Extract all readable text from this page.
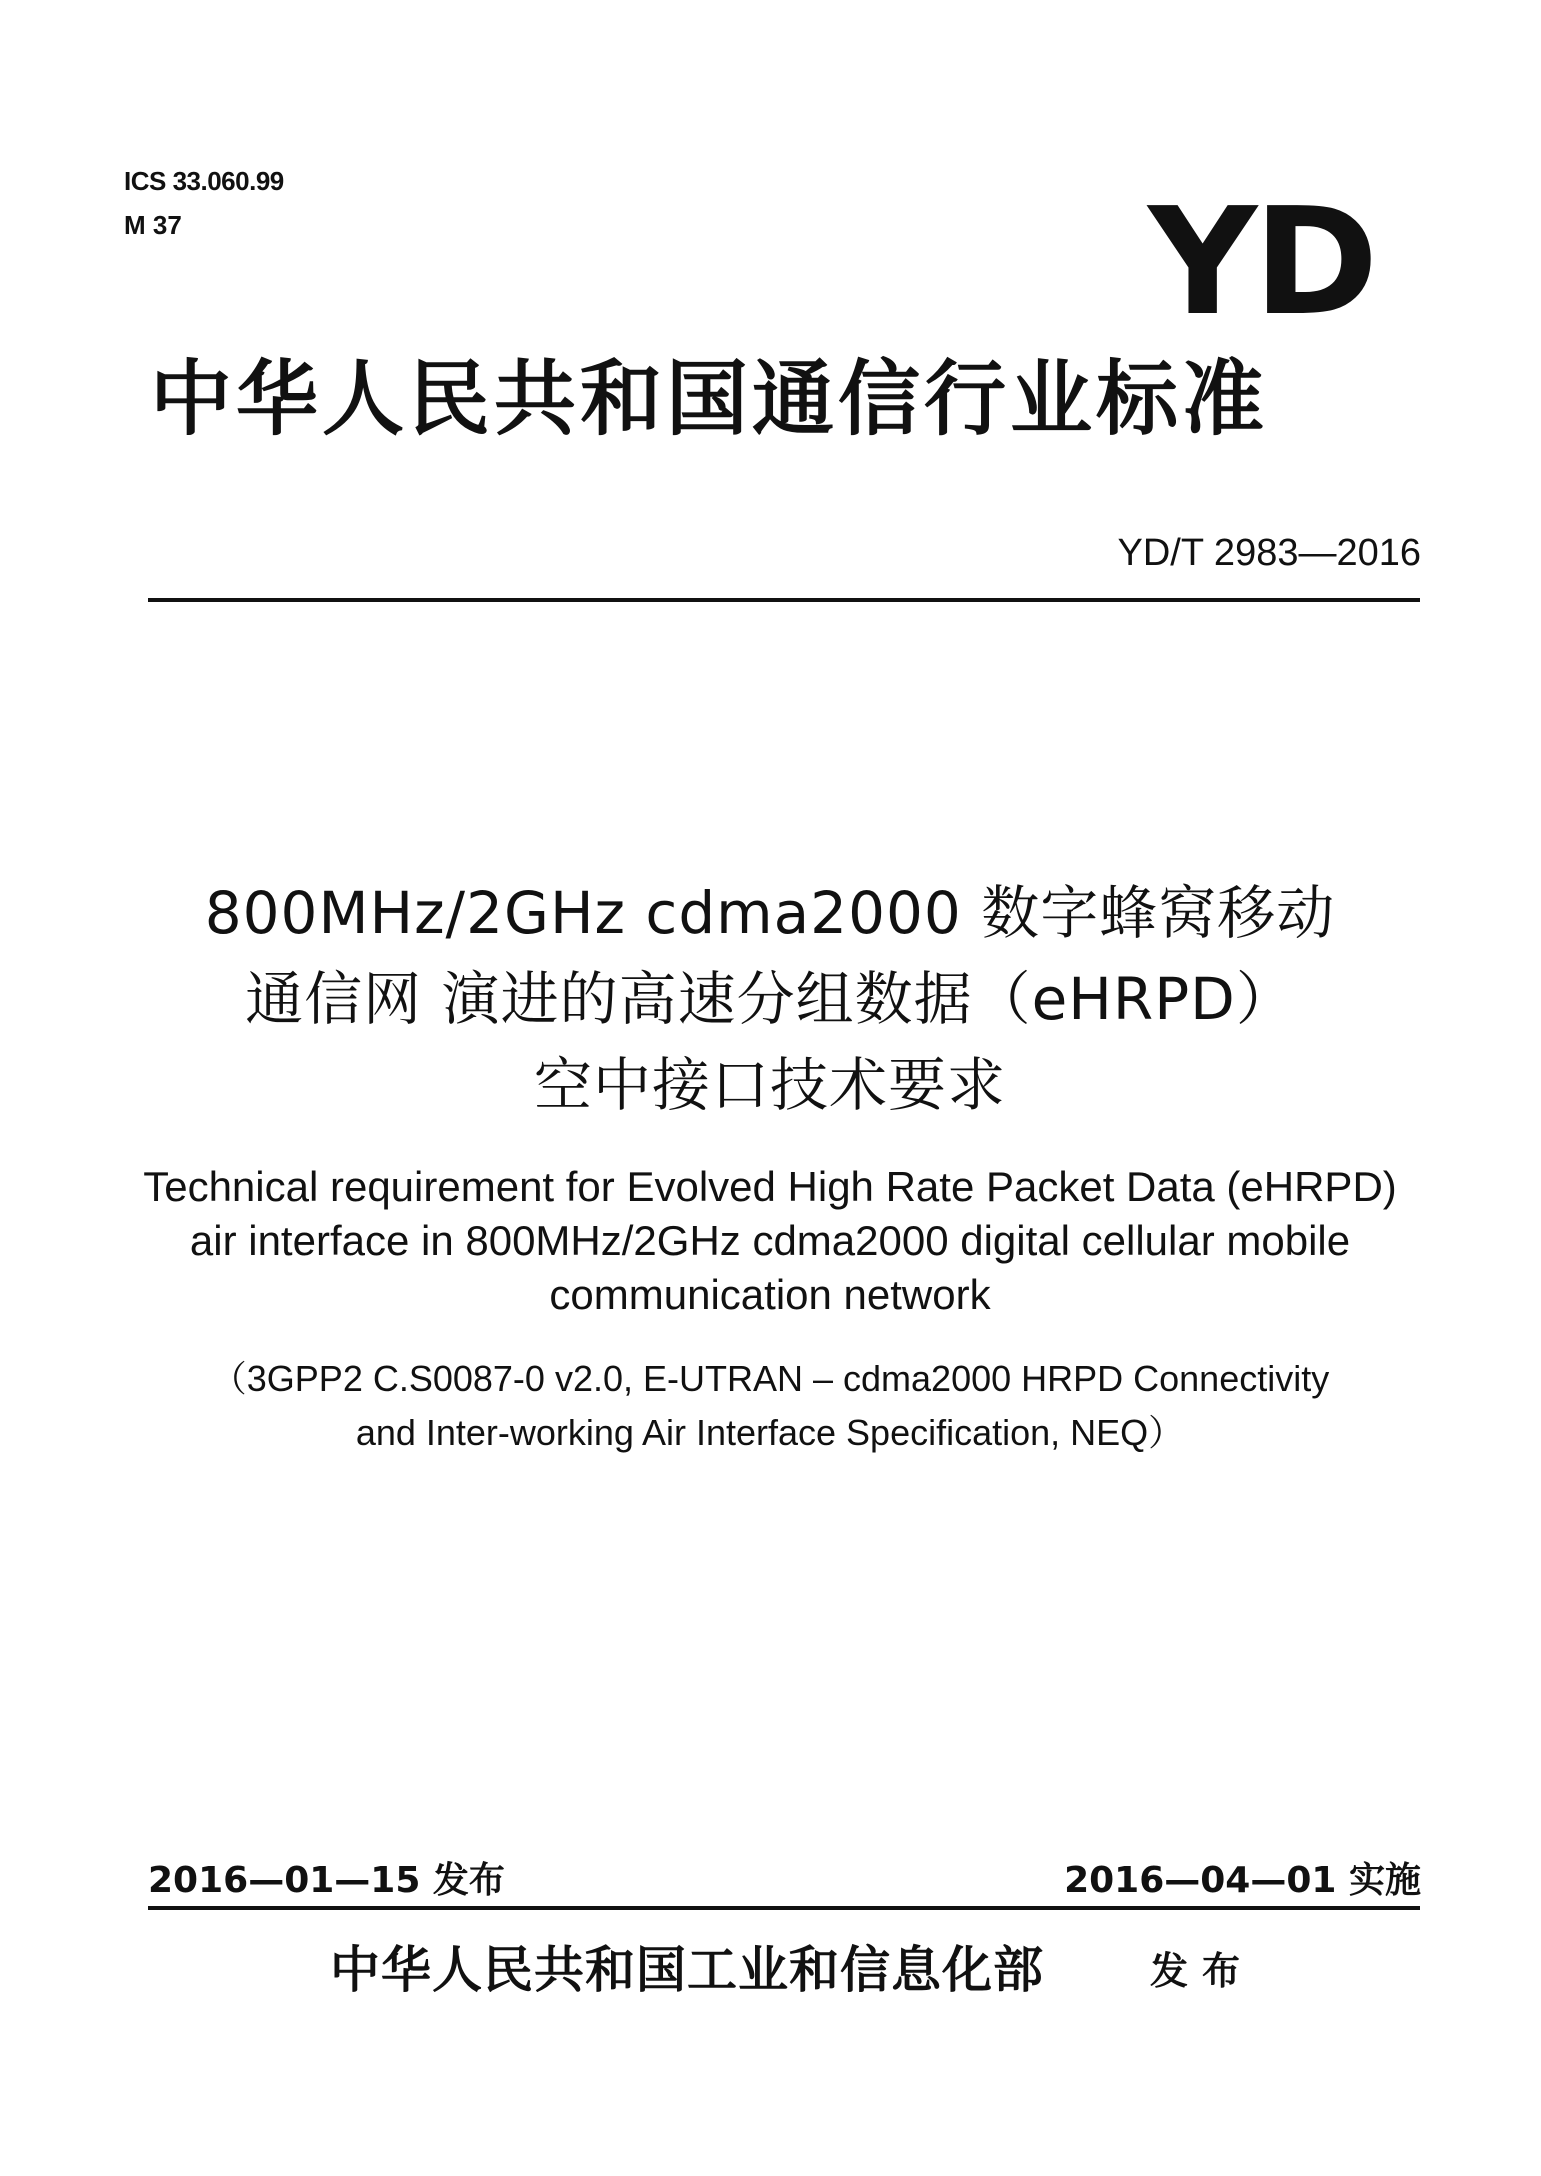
ICS 33.060.99
M 37	YD
中华人民共和国通信行业标准
YD/T 2983—2016
800MHz/2GHz cdma2000 数字蜂窝移动
通信网 演进的高速分组数据（eHRPD）
空中接口技术要求
Technical requirement for Evolved High Rate Packet Data (eHRPD)
air interface in 800MHz/2GHz cdma2000 digital cellular mobile
communication network
（3GPP2 C.S0087-0 v2.0, E-UTRAN – cdma2000 HRPD Connectivity
and Inter-working Air Interface Specification, NEQ）
2016—01—15 发布	2016—04—01 实施
中华人民共和国工业和信息化部	发布
